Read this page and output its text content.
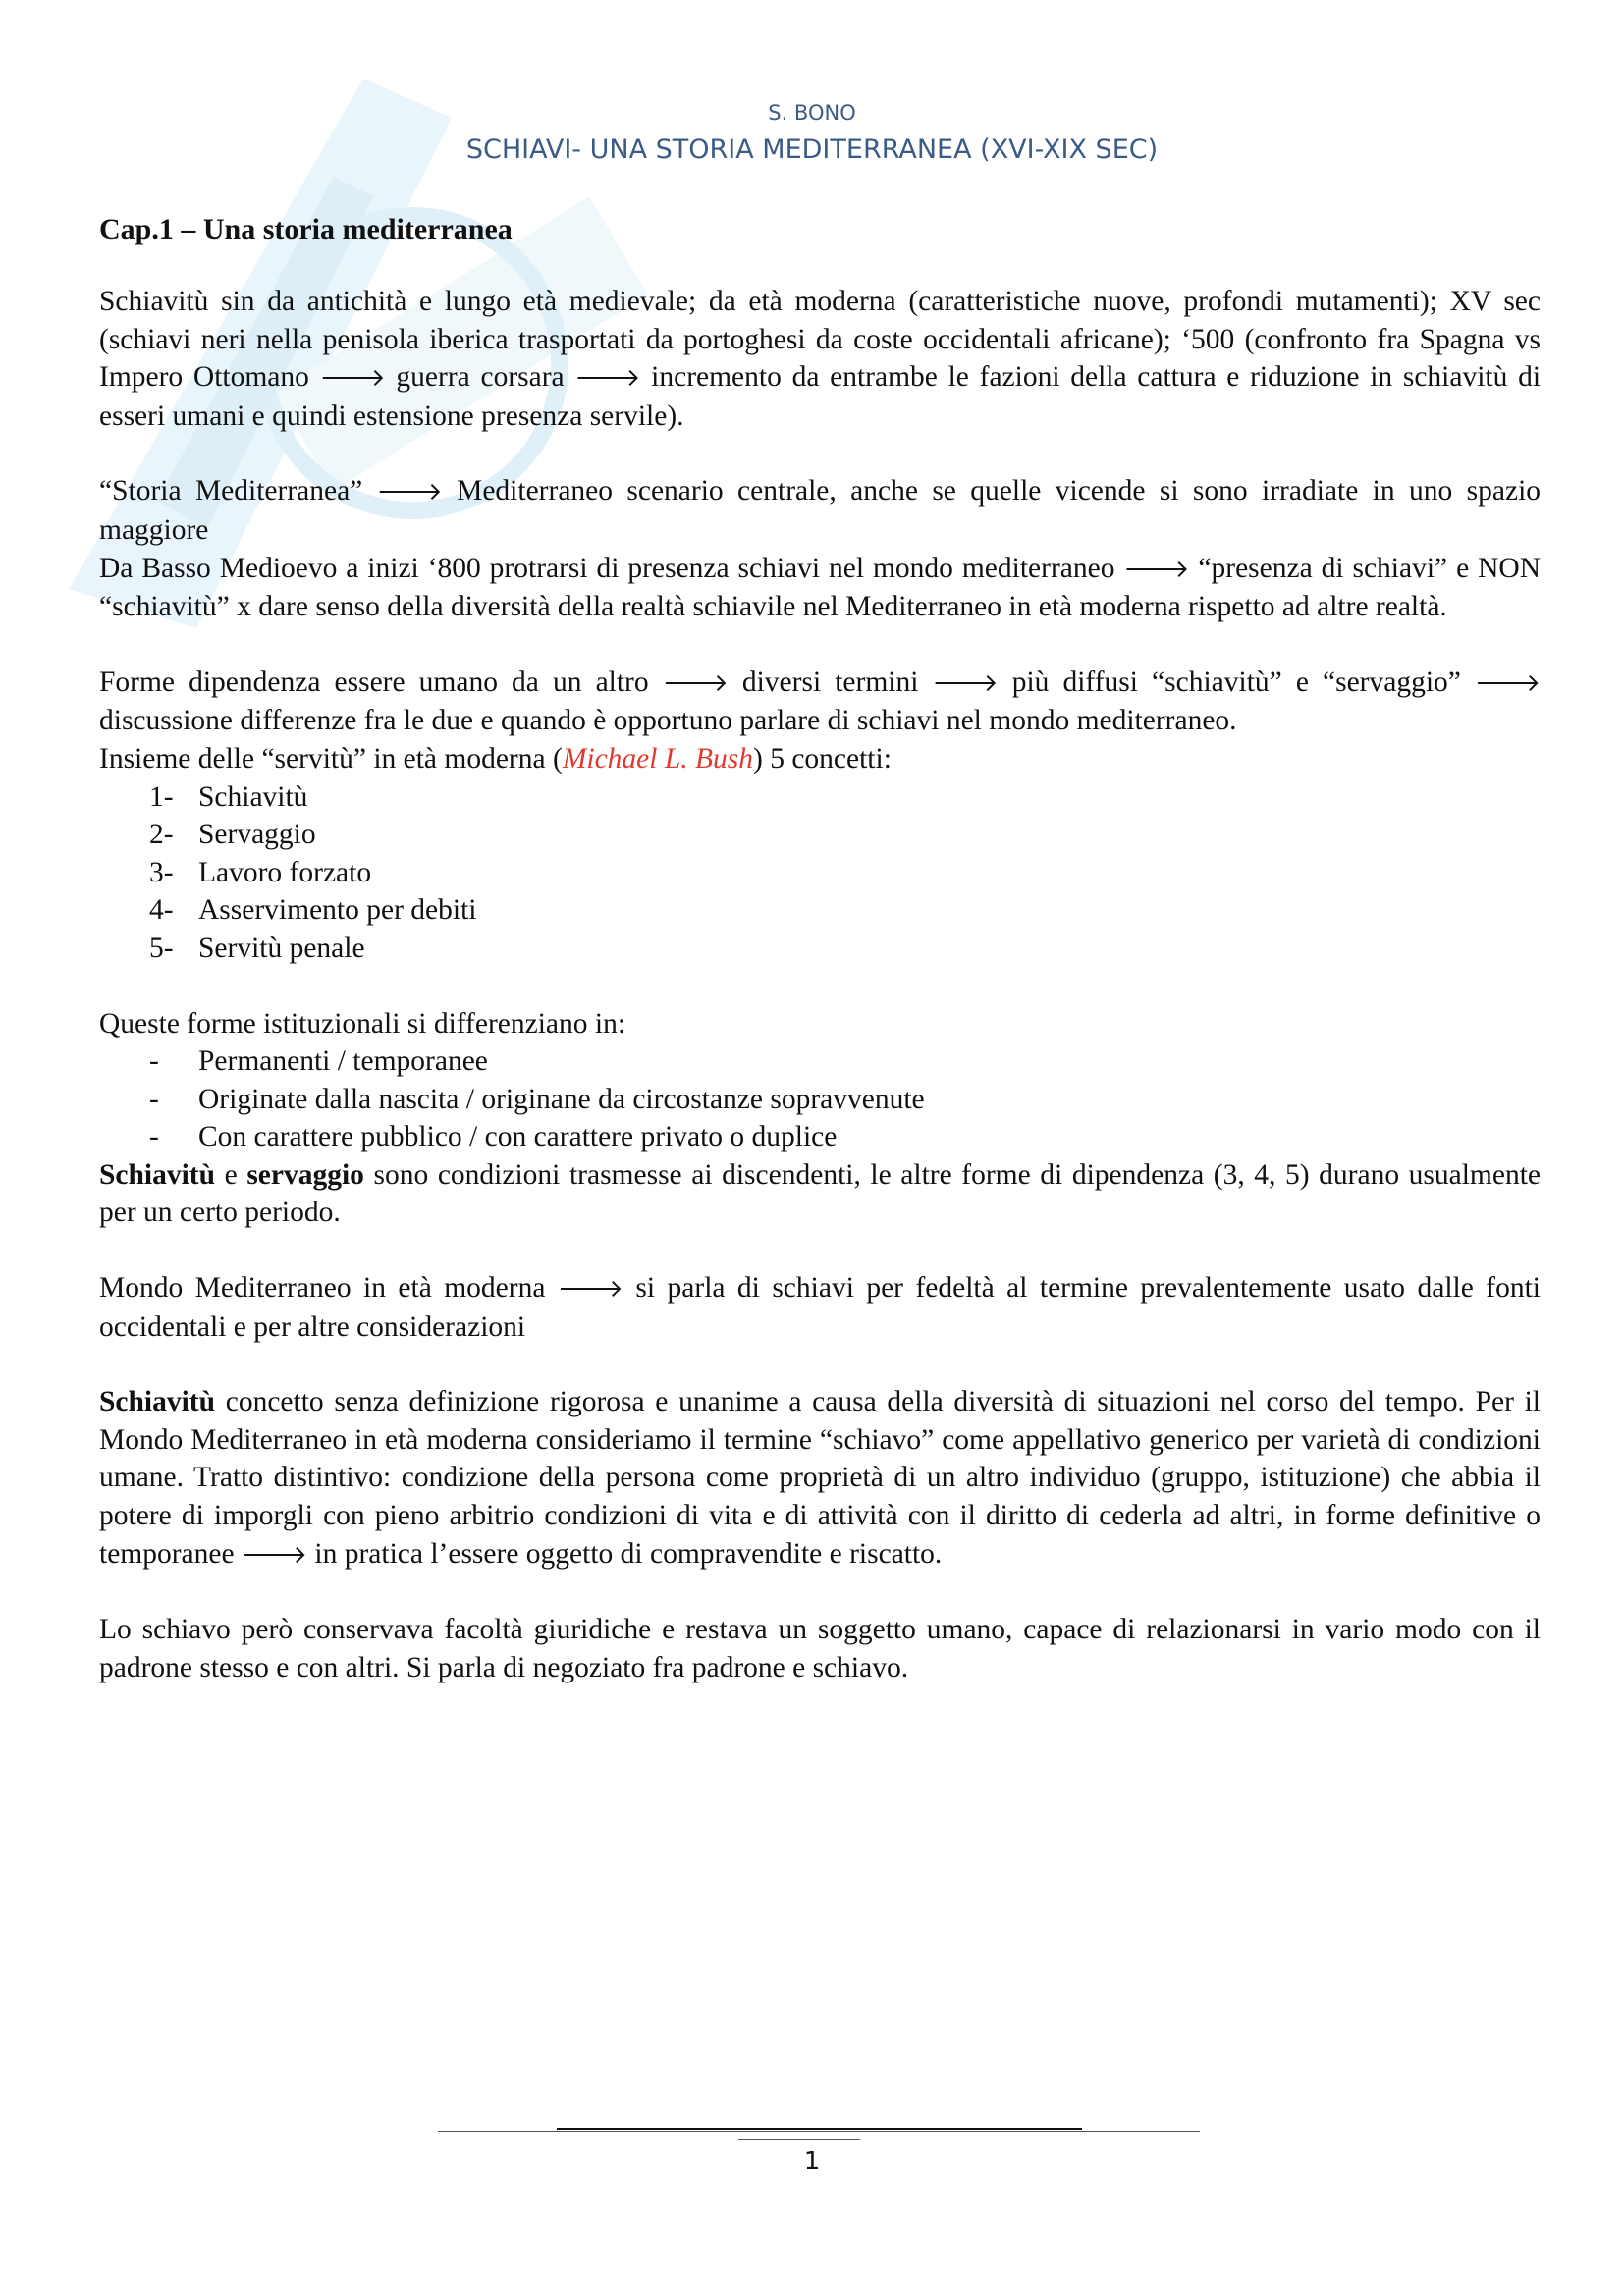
S. BONO
SCHIAVI- UNA STORIA MEDITERRANEA (XVI-XIX SEC)
Cap.1 – Una storia mediterranea

Schiavitù sin da antichità e lungo età medievale; da età moderna (caratteristiche nuove, profondi mutamenti); XV sec (schiavi neri nella penisola iberica trasportati da portoghesi da coste occidentali africane); ‘500 (confronto fra Spagna vs Impero Ottomano 🡒 guerra corsara 🡒 incremento da entrambe le fazioni della cattura e riduzione in schiavitù di esseri umani e quindi estensione presenza servile).

“Storia Mediterranea” 🡒 Mediterraneo scenario centrale, anche se quelle vicende si sono irradiate in uno spazio maggiore

Da Basso Medioevo a inizi ‘800 protrarsi di presenza schiavi nel mondo mediterraneo 🡒 “presenza di schiavi” e NON “schiavitù” x dare senso della diversità della realtà schiavile nel Mediterraneo in età moderna rispetto ad altre realtà.

Forme dipendenza essere umano da un altro 🡒 diversi termini 🡒 più diffusi “schiavitù” e “servaggio” 🡒 discussione differenze fra le due e quando è opportuno parlare di schiavi nel mondo mediterraneo.

Insieme delle “servitù” in età moderna (Michael L. Bush) 5 concetti:

1- Schiavitù
2- Servaggio
3- Lavoro forzato
4- Asservimento per debiti
5- Servitù penale

Queste forme istituzionali si differenziano in:

- Permanenti / temporanee
- Originate dalla nascita / originane da circostanze sopravvenute
- Con carattere pubblico / con carattere privato o duplice

Schiavitù e servaggio sono condizioni trasmesse ai discendenti, le altre forme di dipendenza (3, 4, 5) durano usualmente per un certo periodo.

Mondo Mediterraneo in età moderna 🡒 si parla di schiavi per fedeltà al termine prevalentemente usato dalle fonti occidentali e per altre considerazioni

Schiavitù concetto senza definizione rigorosa e unanime a causa della diversità di situazioni nel corso del tempo. Per il Mondo Mediterraneo in età moderna consideriamo il termine “schiavo” come appellativo generico per varietà di condizioni umane. Tratto distintivo: condizione della persona come proprietà di un altro individuo (gruppo, istituzione) che abbia il potere di imporgli con pieno arbitrio condizioni di vita e di attività con il diritto di cederla ad altri, in forme definitive o temporanee 🡒 in pratica l’essere oggetto di compravendite e riscatto.

Lo schiavo però conservava facoltà giuridiche e restava un soggetto umano, capace di relazionarsi in vario modo con il padrone stesso e con altri. Si parla di negoziato fra padrone e schiavo.

1
